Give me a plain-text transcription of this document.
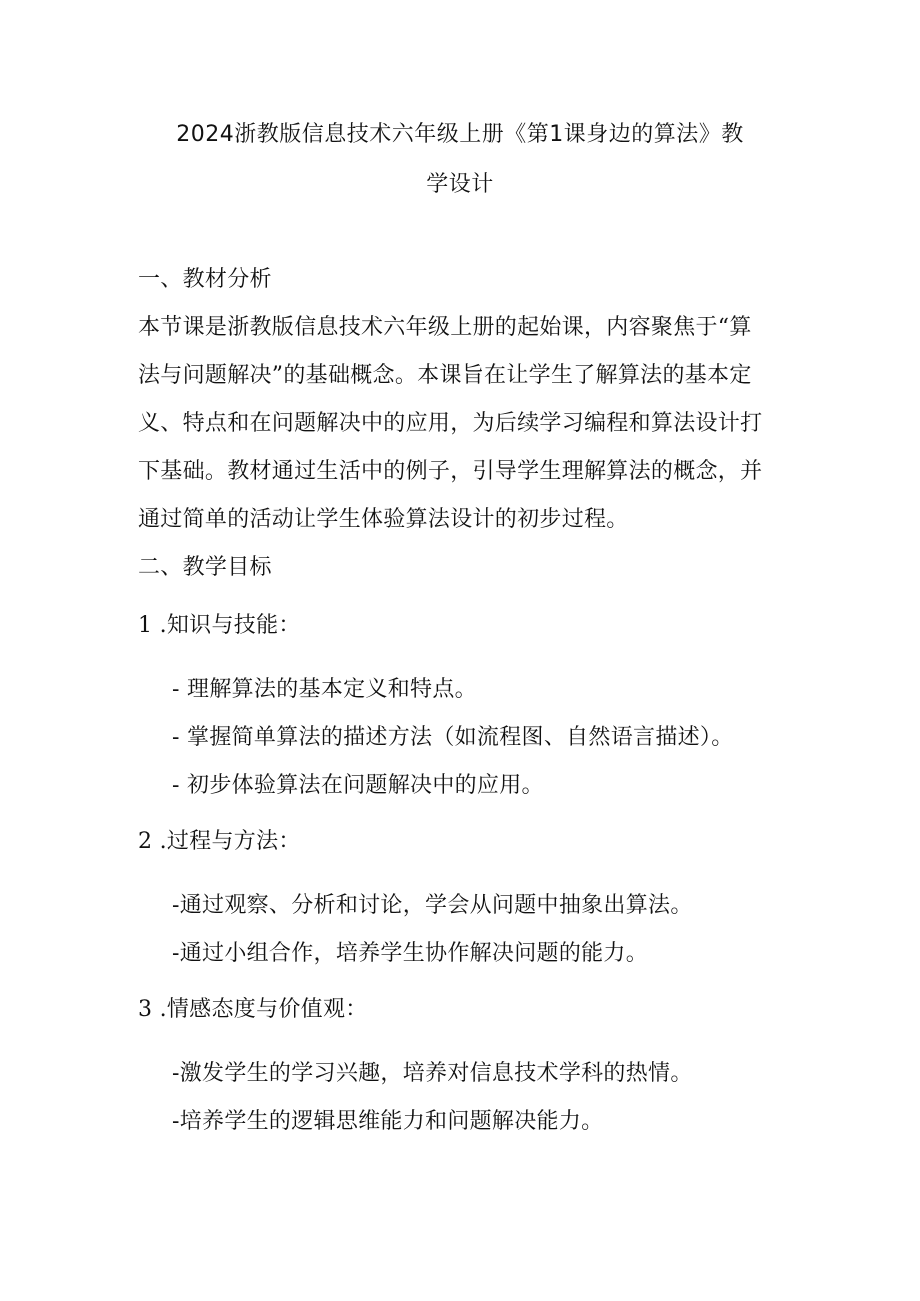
2024浙教版信息技术六年级上册《第1课身边的算法》教
学设计
一、教材分析
本节课是浙教版信息技术六年级上册的起始课，内容聚焦于“算
法与问题解决”的基础概念。本课旨在让学生了解算法的基本定
义、特点和在问题解决中的应用，为后续学习编程和算法设计打
下基础。教材通过生活中的例子，引导学生理解算法的概念，并
通过简单的活动让学生体验算法设计的初步过程。
二、教学目标
1 .知识与技能：
- 理解算法的基本定义和特点。
- 掌握简单算法的描述方法（如流程图、自然语言描述）。
- 初步体验算法在问题解决中的应用。
2 .过程与方法：
-通过观察、分析和讨论，学会从问题中抽象出算法。
-通过小组合作，培养学生协作解决问题的能力。
3 .情感态度与价值观：
-激发学生的学习兴趣，培养对信息技术学科的热情。
-培养学生的逻辑思维能力和问题解决能力。
